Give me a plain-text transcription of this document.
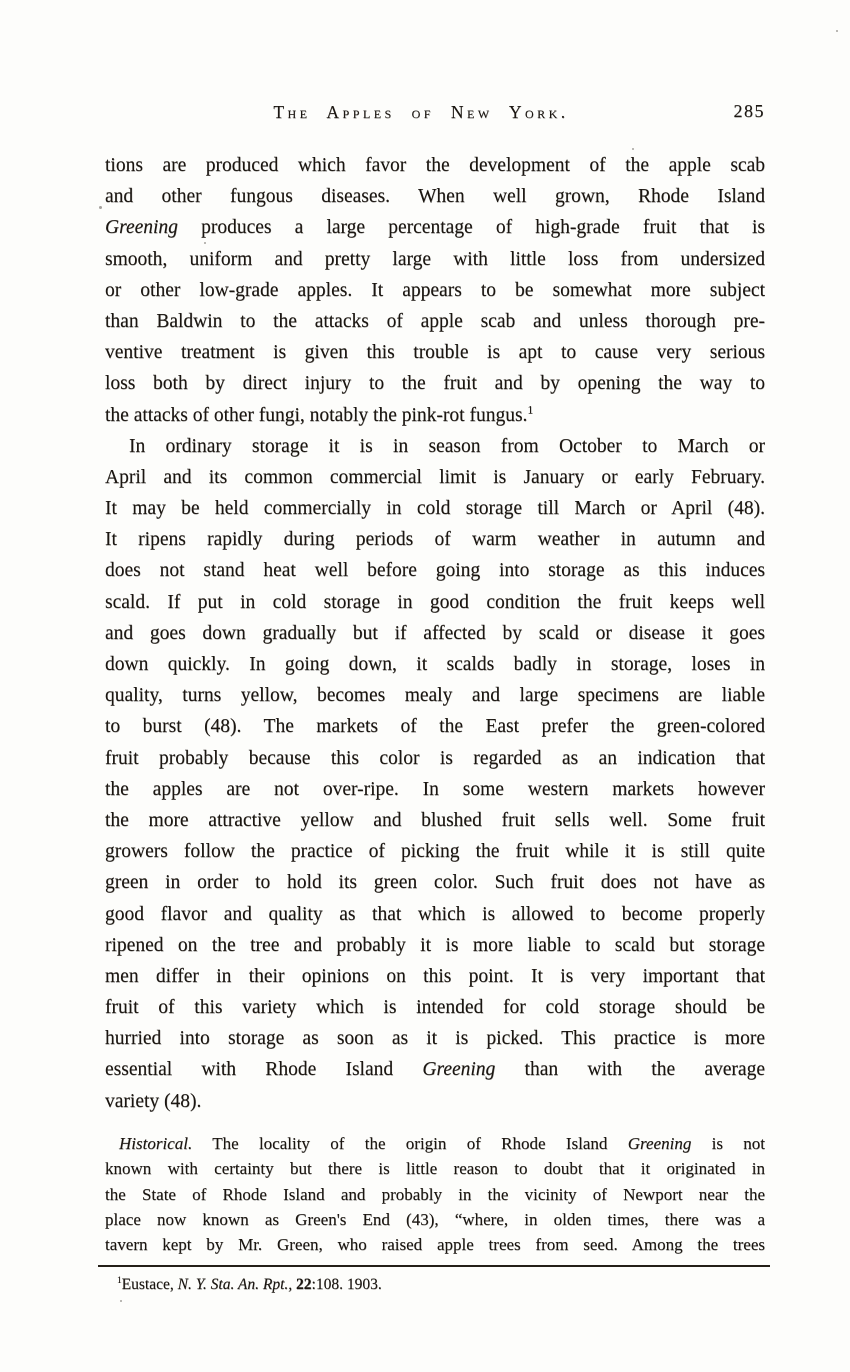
The Apples of New York.	285
tions are produced which favor the development of the apple scab
and other fungous diseases. When well grown, Rhode Island
Greening produces a large percentage of high-grade fruit that is
smooth, uniform and pretty large with little loss from undersized
or other low-grade apples. It appears to be somewhat more subject
than Baldwin to the attacks of apple scab and unless thorough pre-
ventive treatment is given this trouble is apt to cause very serious
loss both by direct injury to the fruit and by opening the way to
the attacks of other fungi, notably the pink-rot fungus.$^1$
In ordinary storage it is in season from October to March or
April and its common commercial limit is January or early February.
It may be held commercially in cold storage till March or April (48).
It ripens rapidly during periods of warm weather in autumn and
does not stand heat well before going into storage as this induces
scald. If put in cold storage in good condition the fruit keeps well
and goes down gradually but if affected by scald or disease it goes
down quickly. In going down, it scalds badly in storage, loses in
quality, turns yellow, becomes mealy and large specimens are liable
to burst (48). The markets of the East prefer the green-colored
fruit probably because this color is regarded as an indication that
the apples are not over-ripe. In some western markets however
the more attractive yellow and blushed fruit sells well. Some fruit
growers follow the practice of picking the fruit while it is still quite
green in order to hold its green color. Such fruit does not have as
good flavor and quality as that which is allowed to become properly
ripened on the tree and probably it is more liable to scald but storage
men differ in their opinions on this point. It is very important that
fruit of this variety which is intended for cold storage should be
hurried into storage as soon as it is picked. This practice is more
essential with Rhode Island Greening than with the average
variety (48).
Historical. The locality of the origin of Rhode Island Greening is not
known with certainty but there is little reason to doubt that it originated in
the State of Rhode Island and probably in the vicinity of Newport near the
place now known as Green's End (43), “where, in olden times, there was a
tavern kept by Mr. Green, who raised apple trees from seed. Among the trees
$^1$Eustace, N. Y. Sta. An. Rpt., 22:108. 1903.
